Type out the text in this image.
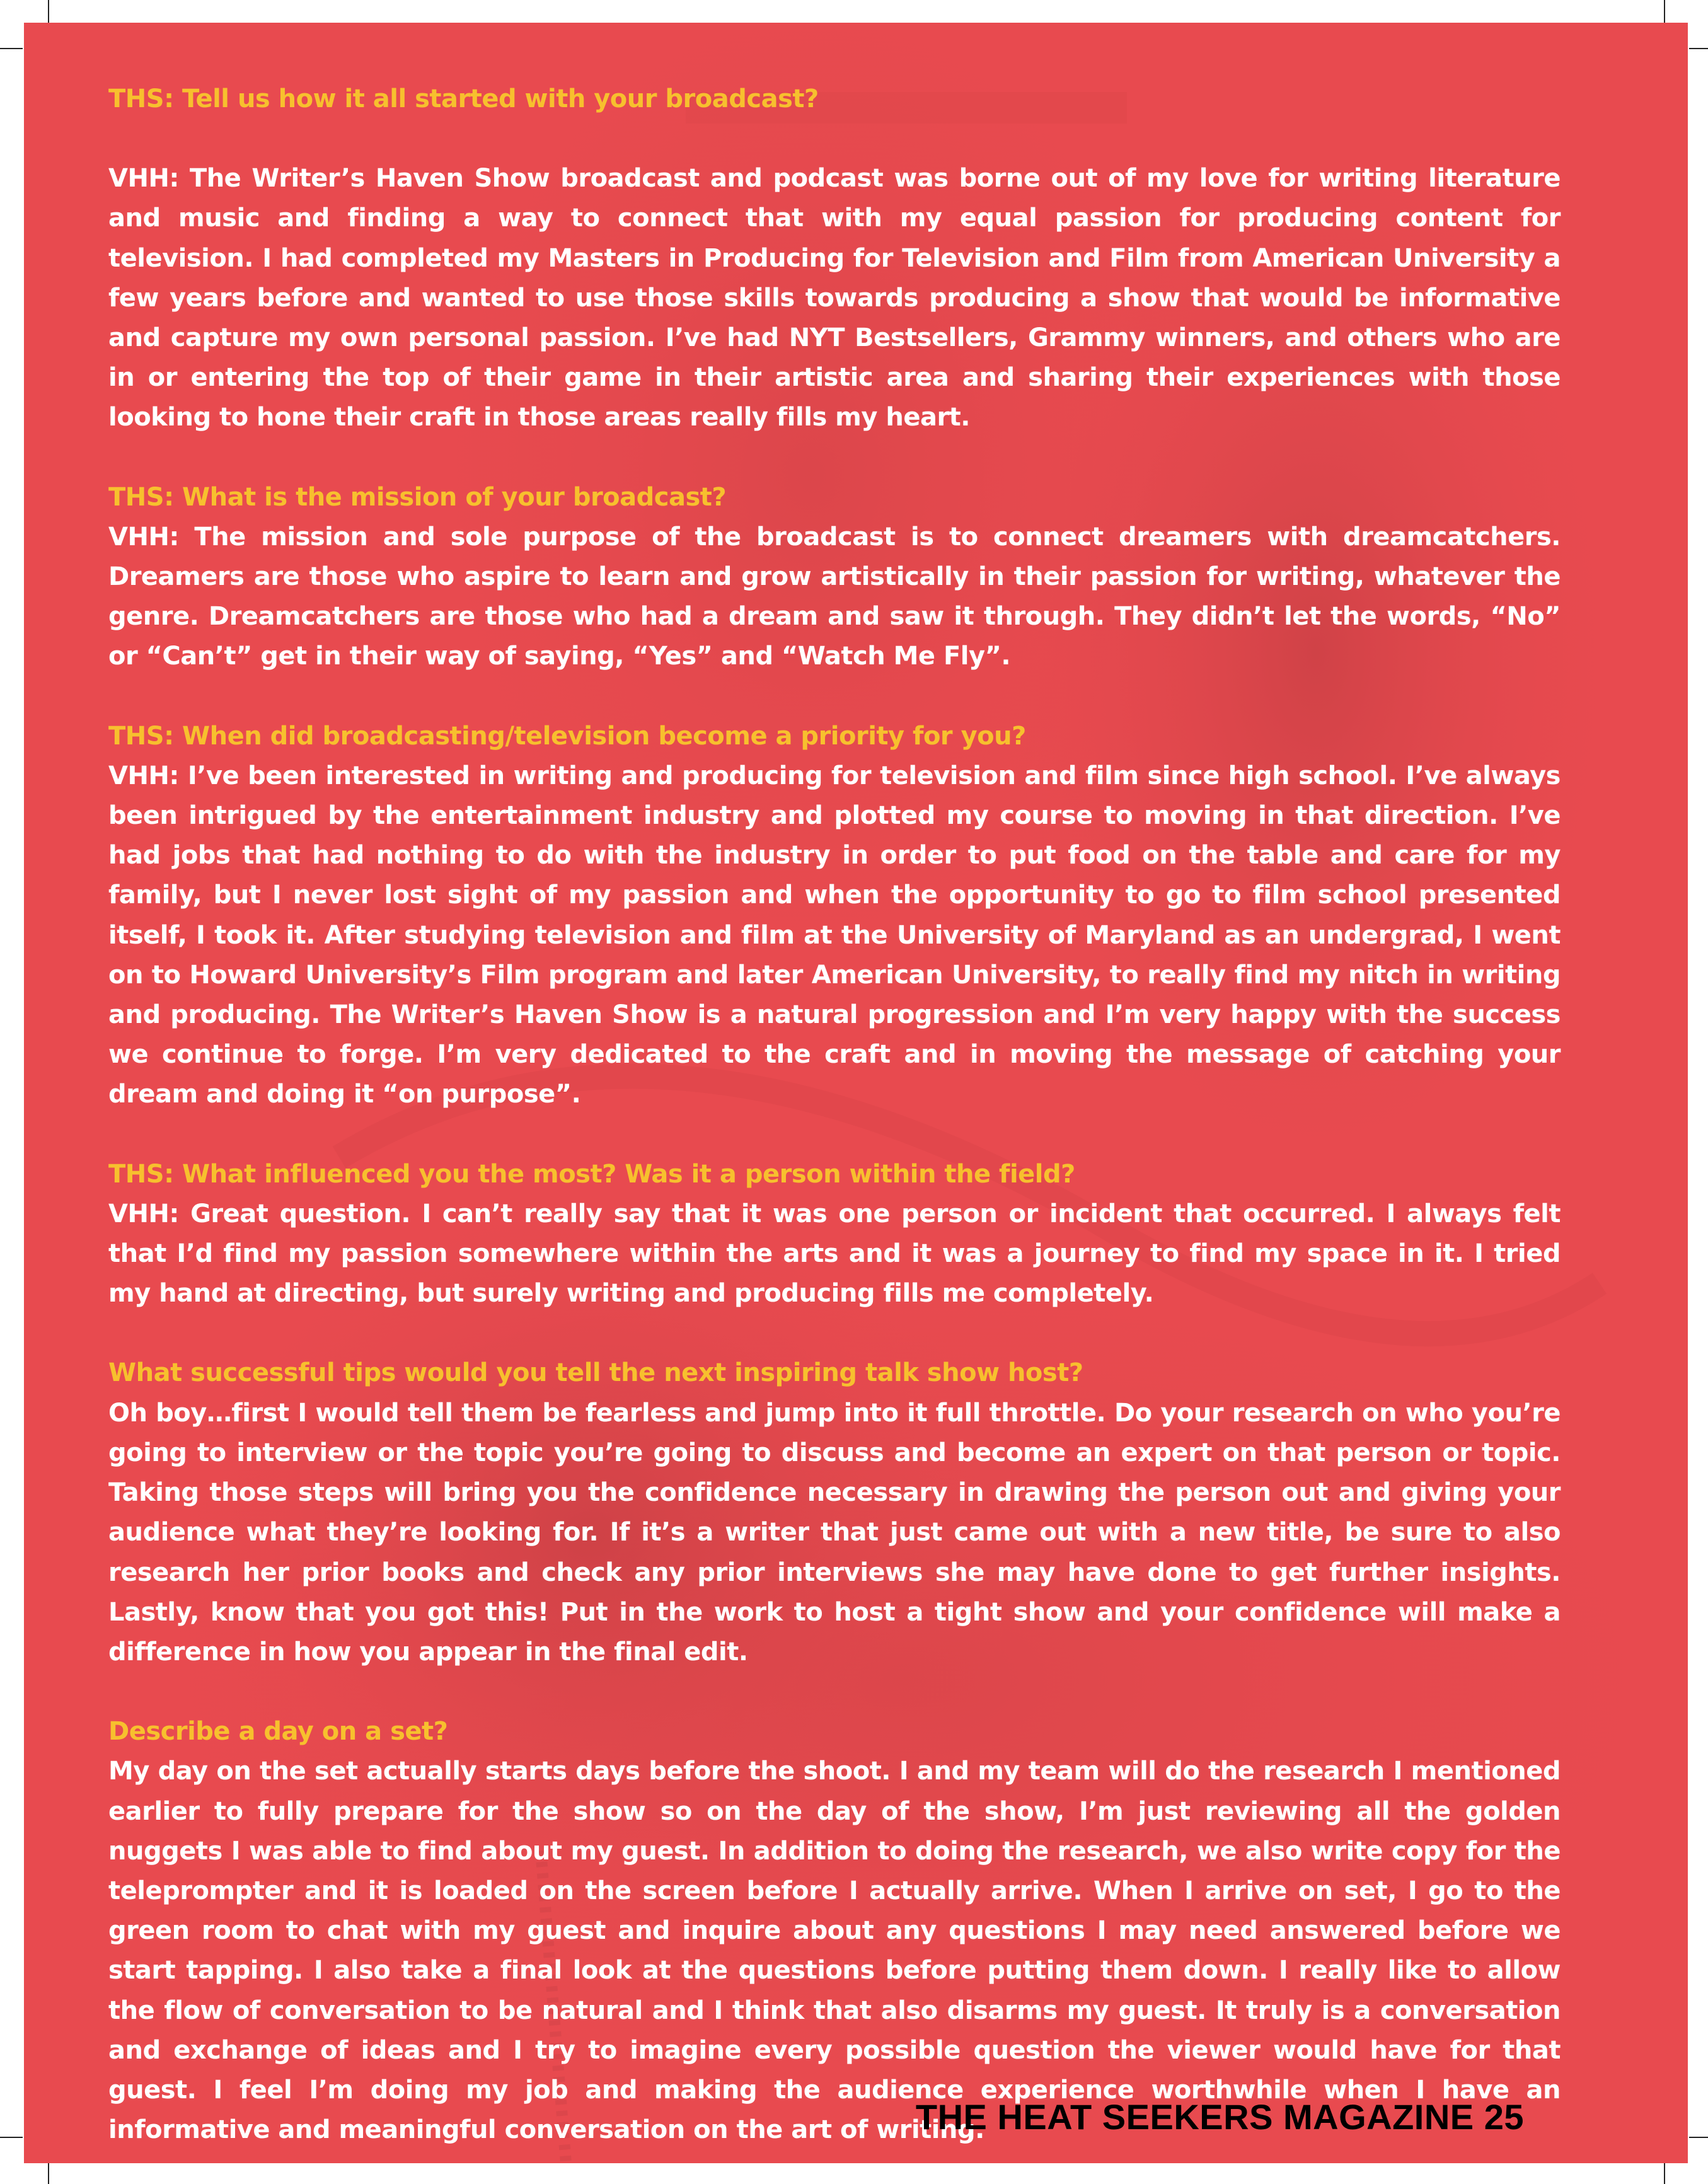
THS: Tell us how it all started with your broadcast?

VHH: The Writer’s Haven Show broadcast and podcast was borne out of my love for writing literature and music and finding a way to connect that with my equal passion for producing content for television. I had completed my Masters in Producing for Television and Film from American University a few years before and wanted to use those skills towards producing a show that would be informative and capture my own personal passion. I’ve had NYT Bestsellers, Grammy winners, and others who are in or entering the top of their game in their artistic area and sharing their experiences with those looking to hone their craft in those areas really fills my heart.

THS: What is the mission of your broadcast?

VHH: The mission and sole purpose of the broadcast is to connect dreamers with dreamcatchers. Dreamers are those who aspire to learn and grow artistically in their passion for writing, whatever the genre. Dreamcatchers are those who had a dream and saw it through. They didn’t let the words, “No” or “Can’t” get in their way of saying, “Yes” and “Watch Me Fly”.

THS: When did broadcasting/television become a priority for you?

VHH: I’ve been interested in writing and producing for television and film since high school. I’ve always been intrigued by the entertainment industry and plotted my course to moving in that direction. I’ve had jobs that had nothing to do with the industry in order to put food on the table and care for my family, but I never lost sight of my passion and when the opportunity to go to film school presented itself, I took it. After studying television and film at the University of Maryland as an undergrad, I went on to Howard University’s Film program and later American University, to really find my nitch in writing and producing. The Writer’s Haven Show is a natural progression and I’m very happy with the success we continue to forge. I’m very dedicated to the craft and in moving the message of catching your dream and doing it “on purpose”.

THS: What influenced you the most? Was it a person within the field?

VHH: Great question. I can’t really say that it was one person or incident that occurred. I always felt that I’d find my passion somewhere within the arts and it was a journey to find my space in it. I tried my hand at directing, but surely writing and producing fills me completely.

What successful tips would you tell the next inspiring talk show host?

Oh boy…first I would tell them be fearless and jump into it full throttle. Do your research on who you’re going to interview or the topic you’re going to discuss and become an expert on that person or topic. Taking those steps will bring you the confidence necessary in drawing the person out and giving your audience what they’re looking for. If it’s a writer that just came out with a new title, be sure to also research her prior books and check any prior interviews she may have done to get further insights. Lastly, know that you got this! Put in the work to host a tight show and your confidence will make a difference in how you appear in the final edit.

Describe a day on a set?

My day on the set actually starts days before the shoot. I and my team will do the research I mentioned earlier to fully prepare for the show so on the day of the show, I’m just reviewing all the golden nuggets I was able to find about my guest. In addition to doing the research, we also write copy for the teleprompter and it is loaded on the screen before I actually arrive. When I arrive on set, I go to the green room to chat with my guest and inquire about any questions I may need answered before we start tapping. I also take a final look at the questions before putting them down. I really like to allow the flow of conversation to be natural and I think that also disarms my guest. It truly is a conversation and exchange of ideas and I try to imagine every possible question the viewer would have for that guest. I feel I’m doing my job and making the audience experience worthwhile when I have an informative and meaningful conversation on the art of writing.

THE HEAT SEEKERS MAGAZINE 25
